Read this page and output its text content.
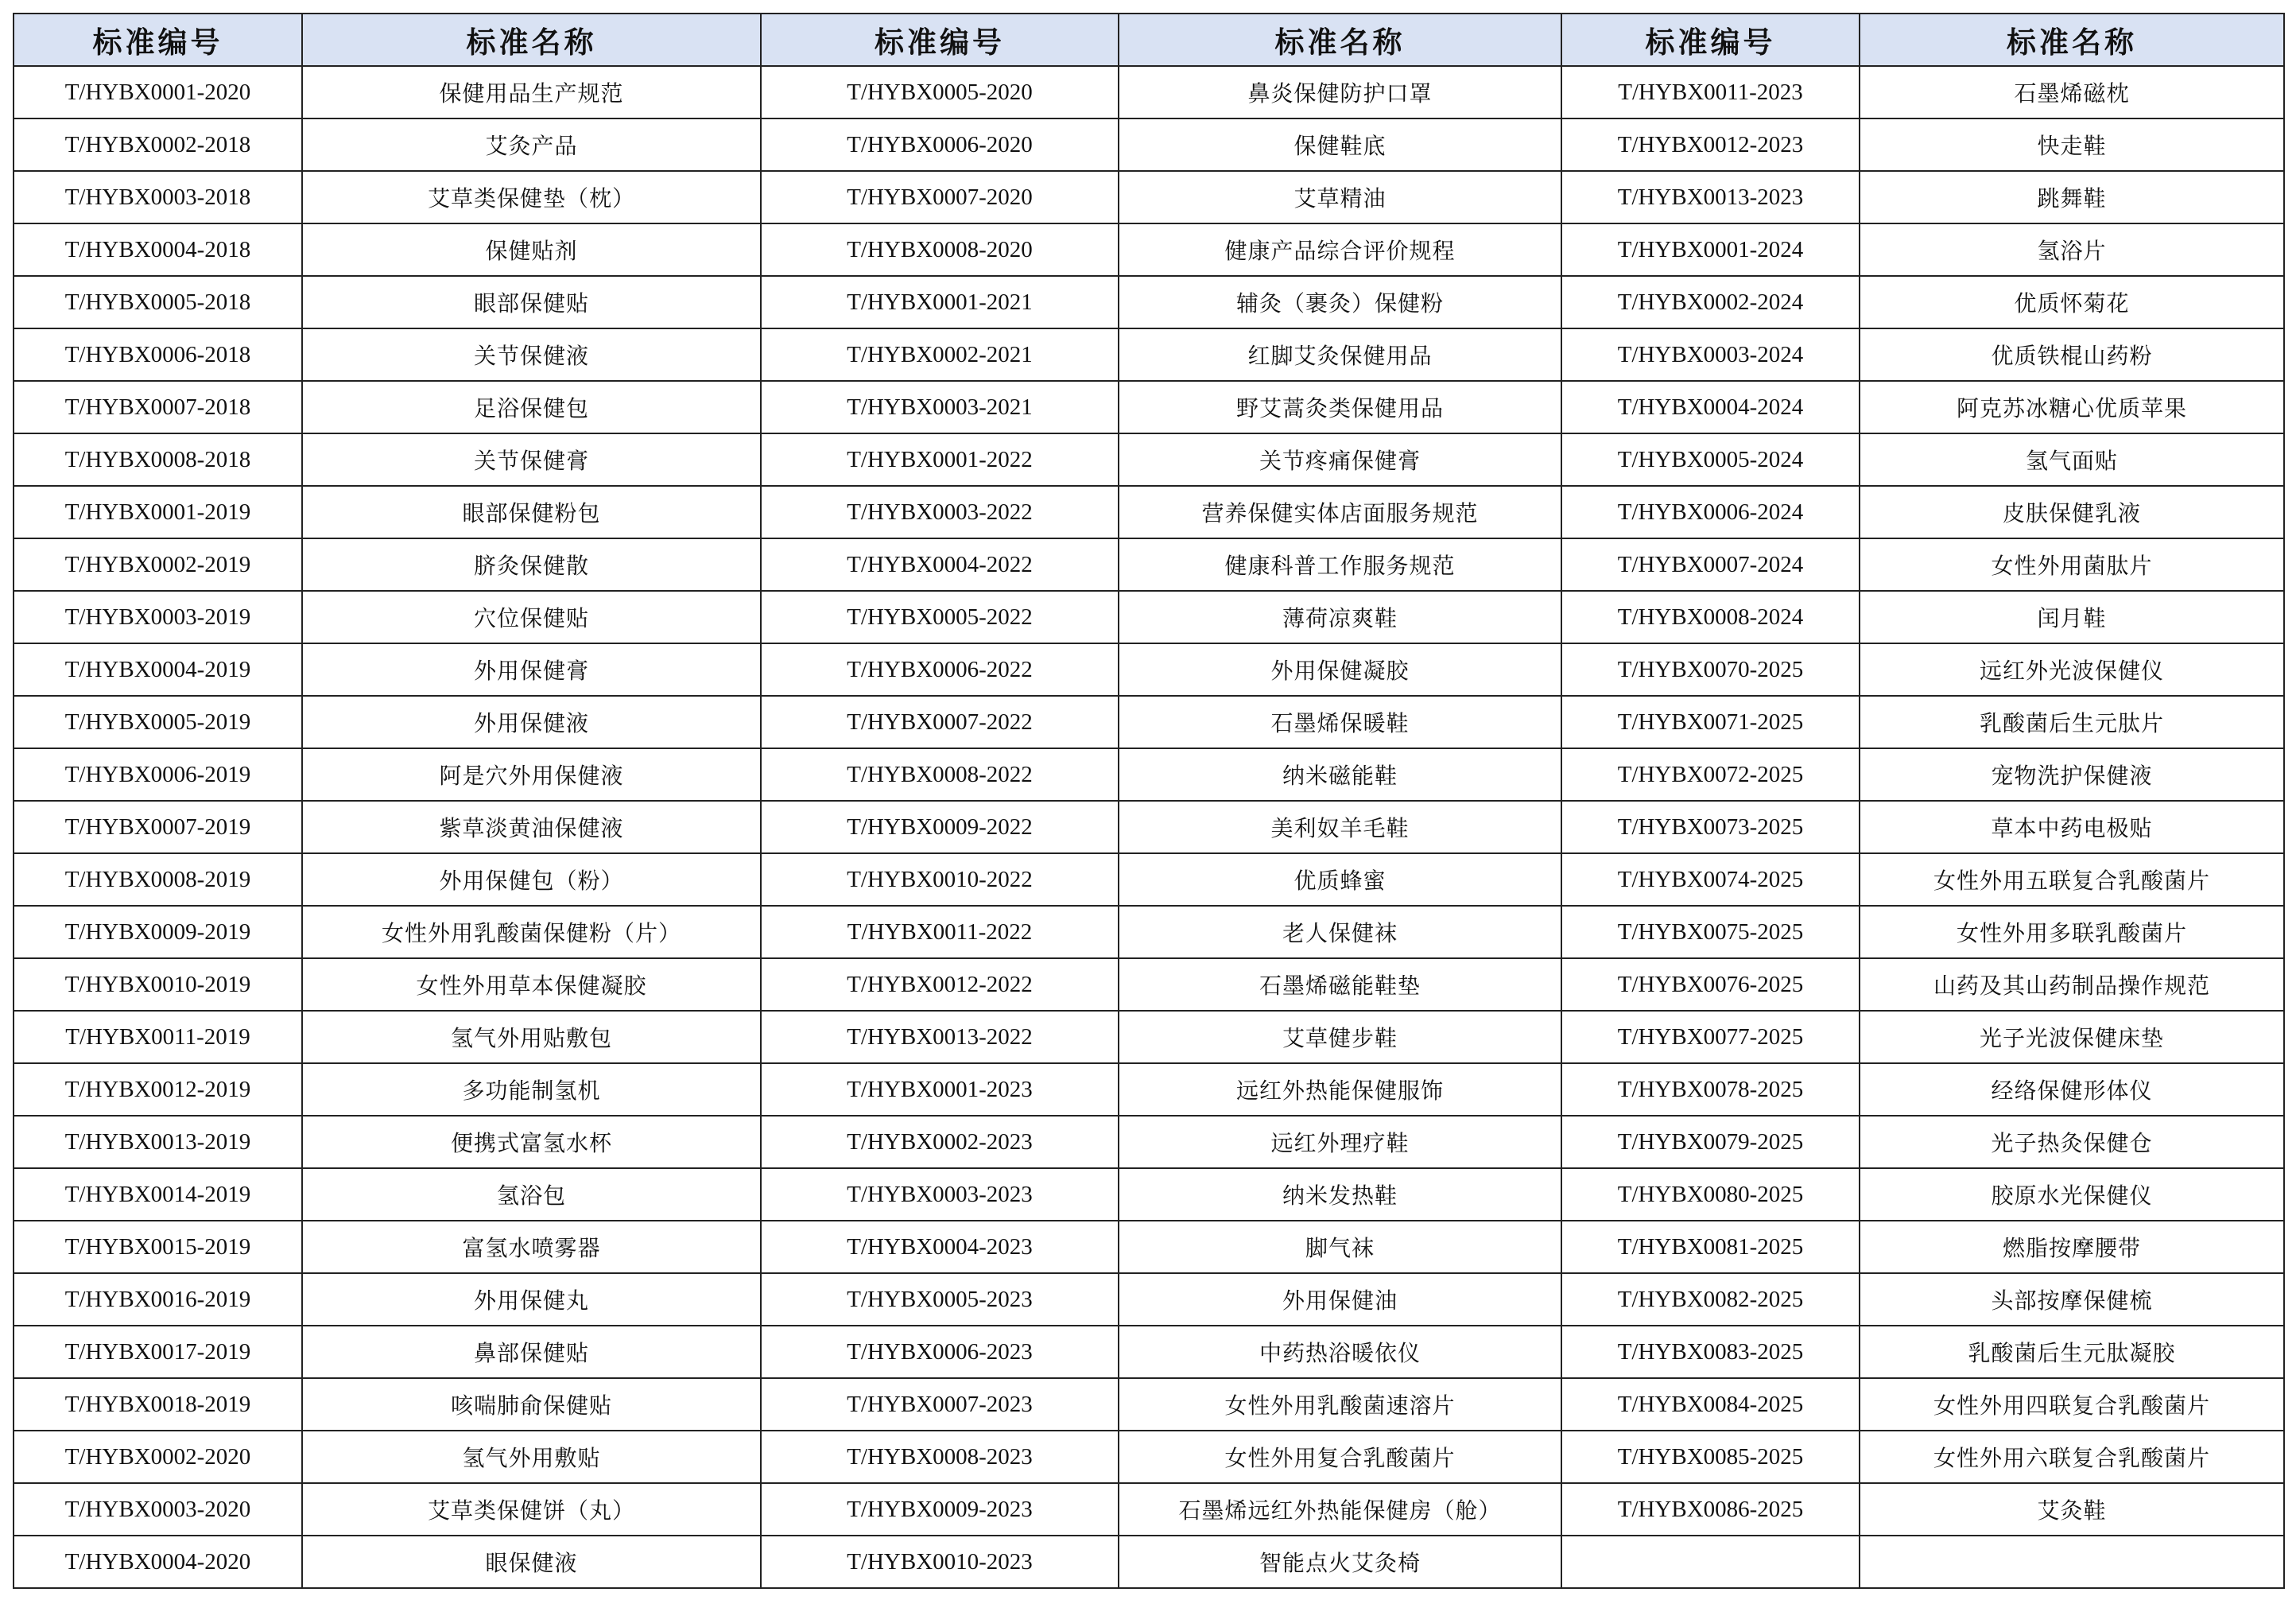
标准编号	标准名称	标准编号	标准名称	标准编号	标准名称
T/HYBX0001-2020	保健用品生产规范	T/HYBX0005-2020	鼻炎保健防护口罩	T/HYBX0011-2023	石墨烯磁枕
T/HYBX0002-2018	艾灸产品	T/HYBX0006-2020	保健鞋底	T/HYBX0012-2023	快走鞋
T/HYBX0003-2018	艾草类保健垫（枕）	T/HYBX0007-2020	艾草精油	T/HYBX0013-2023	跳舞鞋
T/HYBX0004-2018	保健贴剂	T/HYBX0008-2020	健康产品综合评价规程	T/HYBX0001-2024	氢浴片
T/HYBX0005-2018	眼部保健贴	T/HYBX0001-2021	辅灸（裹灸）保健粉	T/HYBX0002-2024	优质怀菊花
T/HYBX0006-2018	关节保健液	T/HYBX0002-2021	红脚艾灸保健用品	T/HYBX0003-2024	优质铁棍山药粉
T/HYBX0007-2018	足浴保健包	T/HYBX0003-2021	野艾蒿灸类保健用品	T/HYBX0004-2024	阿克苏冰糖心优质苹果
T/HYBX0008-2018	关节保健膏	T/HYBX0001-2022	关节疼痛保健膏	T/HYBX0005-2024	氢气面贴
T/HYBX0001-2019	眼部保健粉包	T/HYBX0003-2022	营养保健实体店面服务规范	T/HYBX0006-2024	皮肤保健乳液
T/HYBX0002-2019	脐灸保健散	T/HYBX0004-2022	健康科普工作服务规范	T/HYBX0007-2024	女性外用菌肽片
T/HYBX0003-2019	穴位保健贴	T/HYBX0005-2022	薄荷凉爽鞋	T/HYBX0008-2024	闰月鞋
T/HYBX0004-2019	外用保健膏	T/HYBX0006-2022	外用保健凝胶	T/HYBX0070-2025	远红外光波保健仪
T/HYBX0005-2019	外用保健液	T/HYBX0007-2022	石墨烯保暖鞋	T/HYBX0071-2025	乳酸菌后生元肽片
T/HYBX0006-2019	阿是穴外用保健液	T/HYBX0008-2022	纳米磁能鞋	T/HYBX0072-2025	宠物洗护保健液
T/HYBX0007-2019	紫草淡黄油保健液	T/HYBX0009-2022	美利奴羊毛鞋	T/HYBX0073-2025	草本中药电极贴
T/HYBX0008-2019	外用保健包（粉）	T/HYBX0010-2022	优质蜂蜜	T/HYBX0074-2025	女性外用五联复合乳酸菌片
T/HYBX0009-2019	女性外用乳酸菌保健粉（片）	T/HYBX0011-2022	老人保健袜	T/HYBX0075-2025	女性外用多联乳酸菌片
T/HYBX0010-2019	女性外用草本保健凝胶	T/HYBX0012-2022	石墨烯磁能鞋垫	T/HYBX0076-2025	山药及其山药制品操作规范
T/HYBX0011-2019	氢气外用贴敷包	T/HYBX0013-2022	艾草健步鞋	T/HYBX0077-2025	光子光波保健床垫
T/HYBX0012-2019	多功能制氢机	T/HYBX0001-2023	远红外热能保健服饰	T/HYBX0078-2025	经络保健形体仪
T/HYBX0013-2019	便携式富氢水杯	T/HYBX0002-2023	远红外理疗鞋	T/HYBX0079-2025	光子热灸保健仓
T/HYBX0014-2019	氢浴包	T/HYBX0003-2023	纳米发热鞋	T/HYBX0080-2025	胶原水光保健仪
T/HYBX0015-2019	富氢水喷雾器	T/HYBX0004-2023	脚气袜	T/HYBX0081-2025	燃脂按摩腰带
T/HYBX0016-2019	外用保健丸	T/HYBX0005-2023	外用保健油	T/HYBX0082-2025	头部按摩保健梳
T/HYBX0017-2019	鼻部保健贴	T/HYBX0006-2023	中药热浴暖依仪	T/HYBX0083-2025	乳酸菌后生元肽凝胶
T/HYBX0018-2019	咳喘肺俞保健贴	T/HYBX0007-2023	女性外用乳酸菌速溶片	T/HYBX0084-2025	女性外用四联复合乳酸菌片
T/HYBX0002-2020	氢气外用敷贴	T/HYBX0008-2023	女性外用复合乳酸菌片	T/HYBX0085-2025	女性外用六联复合乳酸菌片
T/HYBX0003-2020	艾草类保健饼（丸）	T/HYBX0009-2023	石墨烯远红外热能保健房（舱）	T/HYBX0086-2025	艾灸鞋
T/HYBX0004-2020	眼保健液	T/HYBX0010-2023	智能点火艾灸椅		
